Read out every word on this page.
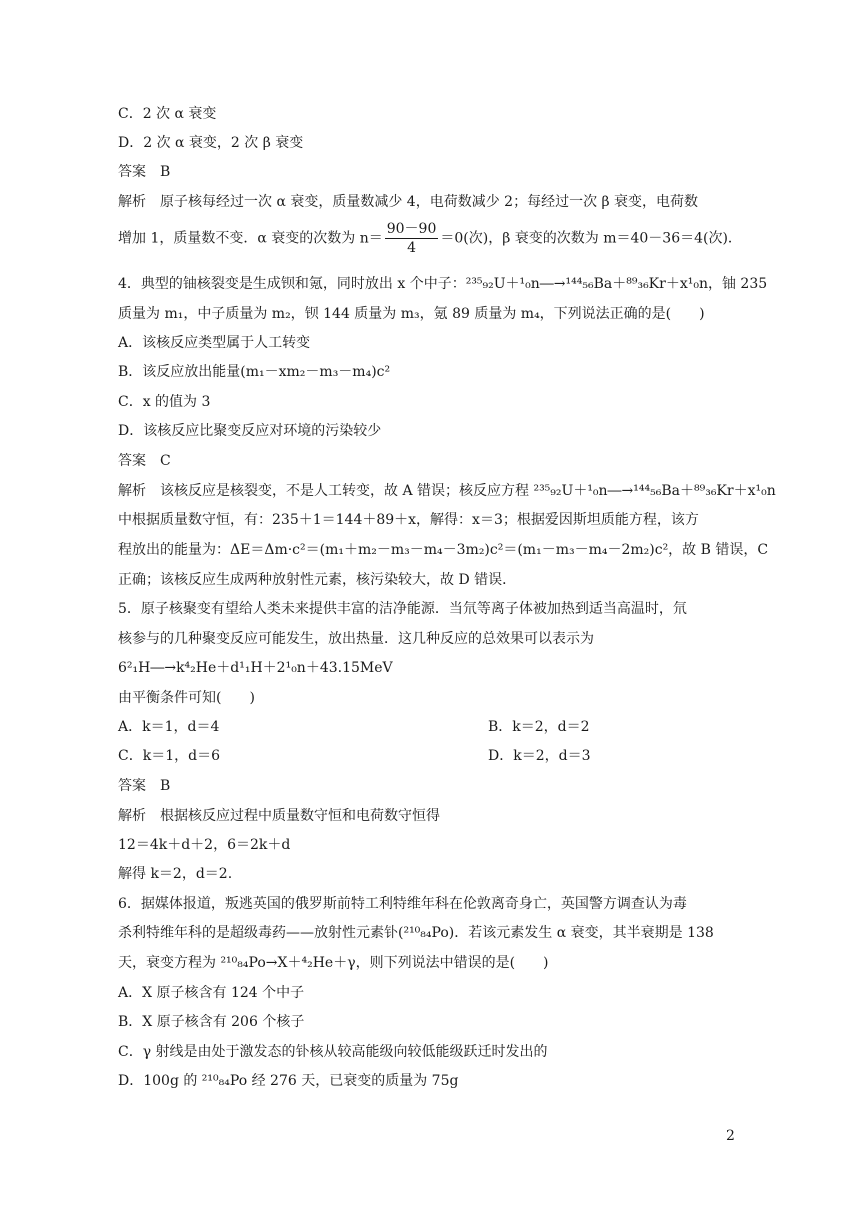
C．2 次 α 衰变
D．2 次 α 衰变，2 次 β 衰变
答案　B
解析　原子核每经过一次 α 衰变，质量数减少 4，电荷数减少 2；每经过一次 β 衰变，电荷数
增加 1，质量数不变．α 衰变的次数为 $n= \frac{90-90}{4} =0$(次)，β 衰变的次数为 m＝40－36＝4(次)．
4．典型的铀核裂变是生成钡和氪，同时放出 x 个中子：²³⁵₉₂U＋¹₀n―→¹⁴⁴₅₆Ba＋⁸⁹₃₆Kr＋x¹₀n，铀 235
质量为 m₁，中子质量为 m₂，钡 144 质量为 m₃，氪 89 质量为 m₄，下列说法正确的是(　　)
A．该核反应类型属于人工转变
B．该反应放出能量(m₁－xm₂－m₃－m₄)c²
C．x 的值为 3
D．该核反应比聚变反应对环境的污染较少
答案　C
解析　该核反应是核裂变，不是人工转变，故 A 错误；核反应方程 ²³⁵₉₂U＋¹₀n―→¹⁴⁴₅₆Ba＋⁸⁹₃₆Kr＋x¹₀n
中根据质量数守恒，有：235＋1＝144＋89＋x，解得：x＝3；根据爱因斯坦质能方程，该方
程放出的能量为：ΔE＝Δm·c²＝(m₁＋m₂－m₃－m₄－3m₂)c²＝(m₁－m₃－m₄－2m₂)c²，故 B 错误，C
正确；该核反应生成两种放射性元素，核污染较大，故 D 错误．
5．原子核聚变有望给人类未来提供丰富的洁净能源．当氘等离子体被加热到适当高温时，氘
核参与的几种聚变反应可能发生，放出热量．这几种反应的总效果可以表示为
6²₁H―→k⁴₂He＋d¹₁H＋2¹₀n＋43.15MeV
由平衡条件可知(　　)
A．k＝1，d＝4	B．k＝2，d＝2
C．k＝1，d＝6	D．k＝2，d＝3
答案　B
解析　根据核反应过程中质量数守恒和电荷数守恒得
12＝4k＋d＋2，6＝2k＋d
解得 k＝2，d＝2.
6．据媒体报道，叛逃英国的俄罗斯前特工利特维年科在伦敦离奇身亡，英国警方调查认为毒
杀利特维年科的是超级毒药——放射性元素钋(²¹⁰₈₄Po)．若该元素发生 α 衰变，其半衰期是 138
天，衰变方程为 ²¹⁰₈₄Po→X＋⁴₂He＋γ，则下列说法中错误的是(　　)
A．X 原子核含有 124 个中子
B．X 原子核含有 206 个核子
C．γ 射线是由处于激发态的钋核从较高能级向较低能级跃迁时发出的
D．100g 的 ²¹⁰₈₄Po 经 276 天，已衰变的质量为 75g
2
